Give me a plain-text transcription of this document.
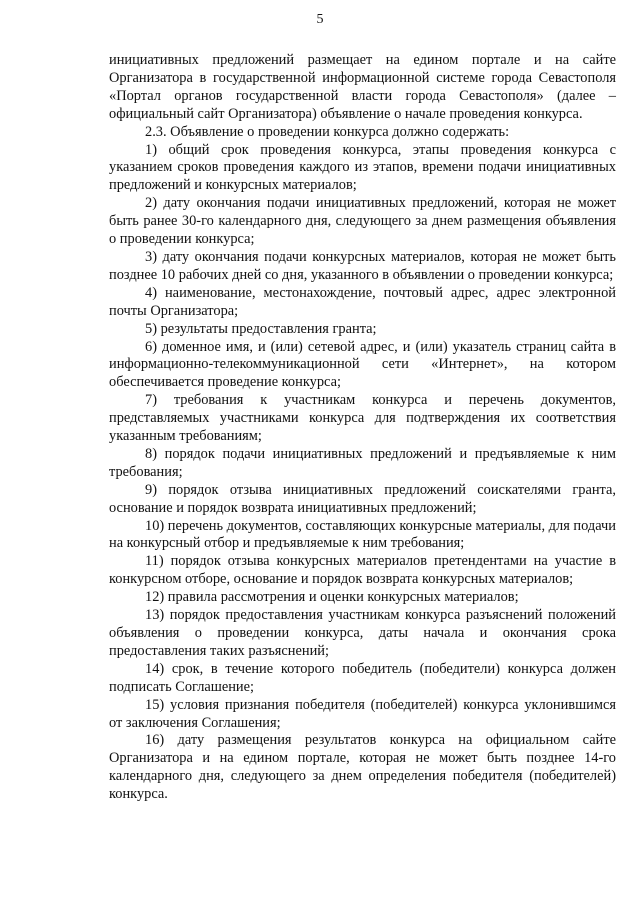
5

инициативных предложений размещает на едином портале и на сайте Организатора в государственной информационной системе города Севастополя «Портал органов государственной власти города Севастополя» (далее – официальный сайт Организатора) объявление о начале проведения конкурса.

2.3. Объявление о проведении конкурса должно содержать:

1) общий срок проведения конкурса, этапы проведения конкурса с указанием сроков проведения каждого из этапов, времени подачи инициативных предложений и конкурсных материалов;

2) дату окончания подачи инициативных предложений, которая не может быть ранее 30-го календарного дня, следующего за днем размещения объявления о проведении конкурса;

3) дату окончания подачи конкурсных материалов, которая не может быть позднее 10 рабочих дней со дня, указанного в объявлении о проведении конкурса;

4) наименование, местонахождение, почтовый адрес, адрес электронной почты Организатора;

5) результаты предоставления гранта;

6) доменное имя, и (или) сетевой адрес, и (или) указатель страниц сайта в информационно-телекоммуникационной сети «Интернет», на котором обеспечивается проведение конкурса;

7) требования к участникам конкурса и перечень документов, представляемых участниками конкурса для подтверждения их соответствия указанным требованиям;

8) порядок подачи инициативных предложений и предъявляемые к ним требования;

9) порядок отзыва инициативных предложений соискателями гранта, основание и порядок возврата инициативных предложений;

10) перечень документов, составляющих конкурсные материалы, для подачи на конкурсный отбор и предъявляемые к ним требования;

11) порядок отзыва конкурсных материалов претендентами на участие в конкурсном отборе, основание и порядок возврата конкурсных материалов;

12) правила рассмотрения и оценки конкурсных материалов;

13) порядок предоставления участникам конкурса разъяснений положений объявления о проведении конкурса, даты начала и окончания срока предоставления таких разъяснений;

14) срок, в течение которого победитель (победители) конкурса должен подписать Соглашение;

15) условия признания победителя (победителей) конкурса уклонившимся от заключения Соглашения;

16) дату размещения результатов конкурса на официальном сайте Организатора и на едином портале, которая не может быть позднее 14-го календарного дня, следующего за днем определения победителя (победителей) конкурса.
